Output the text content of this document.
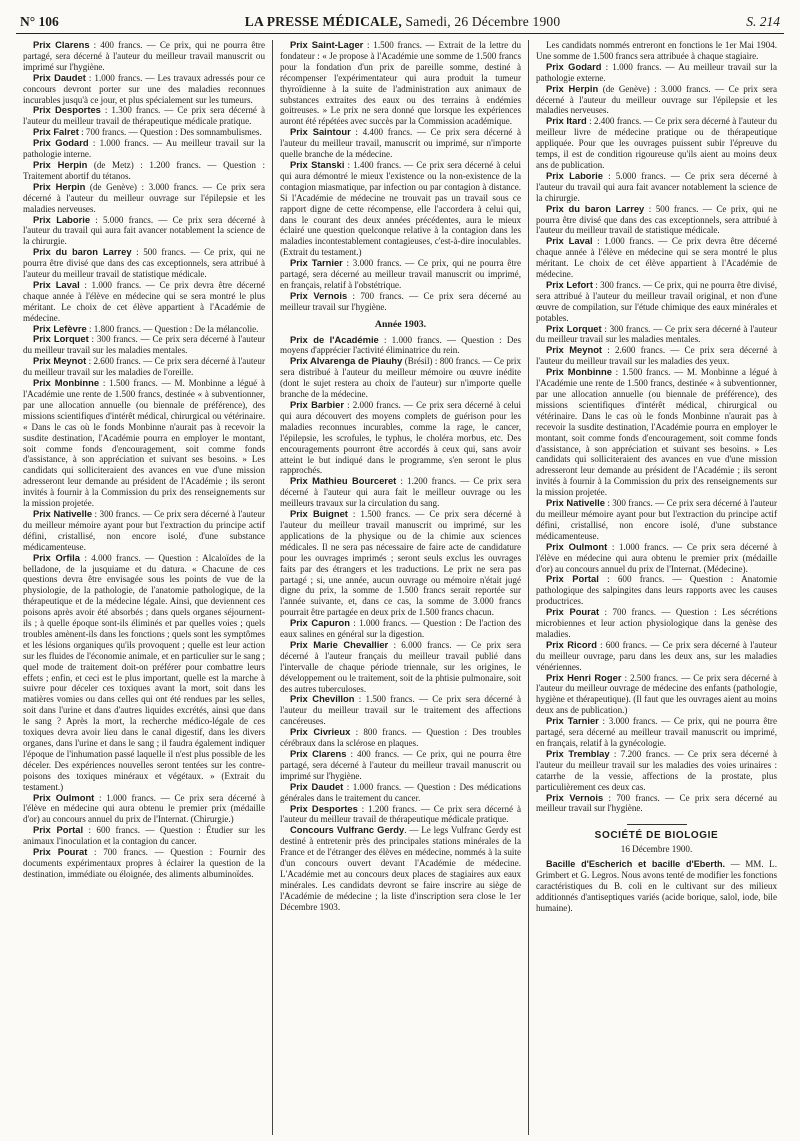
N° 106	LA PRESSE MÉDICALE, Samedi, 26 Décembre 1900	S. 214

Prix Clarens : 400 francs. — Ce prix, qui ne pourra être partagé, sera décerné à l'auteur du meilleur travail manuscrit ou imprimé sur l'hygiène.

Prix Daudet : 1.000 francs. — Les travaux adressés pour ce concours devront porter sur une des maladies reconnues incurables jusqu'à ce jour, et plus spécialement sur les tumeurs.

Prix Desportes : 1.300 francs. — Ce prix sera décerné à l'auteur du meilleur travail de thérapeutique médicale pratique.

Prix Falret : 700 francs. — Question : Des somnambulismes.

Prix Godard : 1.000 francs. — Au meilleur travail sur la pathologie interne.

Prix Herpin (de Metz) : 1.200 francs. — Question : Traitement abortif du tétanos.

Prix Herpin (de Genève) : 3.000 francs. — Ce prix sera décerné à l'auteur du meilleur ouvrage sur l'épilepsie et les maladies nerveuses.

Prix Laborie : 5.000 francs. — Ce prix sera décerné à l'auteur du travail qui aura fait avancer notablement la science de la chirurgie.

Prix du baron Larrey : 500 francs. — Ce prix, qui ne pourra être divisé que dans des cas exceptionnels, sera attribué à l'auteur du meilleur travail de statistique médicale.

Prix Laval : 1.000 francs. — Ce prix devra être décerné chaque année à l'élève en médecine qui se sera montré le plus méritant. Le choix de cet élève appartient à l'Académie de médecine.

Prix Lefèvre : 1.800 francs. — Question : De la mélancolie.

Prix Lorquet : 300 francs. — Ce prix sera décerné à l'auteur du meilleur travail sur les maladies mentales.

Prix Meynot : 2.600 francs. — Ce prix sera décerné à l'auteur du meilleur travail sur les maladies de l'oreille.

Prix Monbinne : 1.500 francs. — M. Monbinne a légué à l'Académie une rente de 1.500 francs, destinée « à subventionner, par une allocation annuelle (ou biennale de préférence), des missions scientifiques d'intérêt médical, chirurgical ou vétérinaire. « Dans le cas où le fonds Monbinne n'aurait pas à recevoir la susdite destination, l'Académie pourra en employer le montant, soit comme fonds d'encouragement, soit comme fonds d'assistance, à son appréciation et suivant ses besoins. » Les candidats qui solliciteraient des avances en vue d'une mission adresseront leur demande au président de l'Académie ; ils seront invités à fournir à la Commission du prix des renseignements sur la mission projetée.

Prix Nativelle : 300 francs. — Ce prix sera décerné à l'auteur du meilleur mémoire ayant pour but l'extraction du principe actif défini, cristallisé, non encore isolé, d'une substance médicamenteuse.

Prix Orfila : 4.000 francs. — Question : Alcaloïdes de la belladone, de la jusquiame et du datura. « Chacune de ces questions devra être envisagée sous les points de vue de la physiologie, de la pathologie, de l'anatomie pathologique, de la thérapeutique et de la médecine légale. Ainsi, que deviennent ces poisons après avoir été absorbés ; dans quels organes séjournent-ils ; à quelle époque sont-ils éliminés et par quelles voies ; quels troubles amènent-ils dans les fonctions ; quels sont les symptômes et les lésions organiques qu'ils provoquent ; quelle est leur action sur les fluides de l'économie animale, et en particulier sur le sang ; quel mode de traitement doit-on préférer pour combattre leurs effets ; enfin, et ceci est le plus important, quelle est la marche à suivre pour déceler ces toxiques avant la mort, soit dans les matières vomies ou dans celles qui ont été rendues par les selles, soit dans l'urine et dans d'autres liquides excrétés, ainsi que dans le sang ? Après la mort, la recherche médico-légale de ces toxiques devra avoir lieu dans le canal digestif, dans les divers organes, dans l'urine et dans le sang ; il faudra également indiquer l'époque de l'inhumation passé laquelle il n'est plus possible de les déceler. Des expériences nouvelles seront tentées sur les contre-poisons des toxiques minéraux et végétaux. » (Extrait du testament.)

Prix Oulmont : 1.000 francs. — Ce prix sera décerné à l'élève en médecine qui aura obtenu le premier prix (médaille d'or) au concours annuel du prix de l'Internat. (Chirurgie.)

Prix Portal : 600 francs. — Question : Étudier sur les animaux l'inoculation et la contagion du cancer.

Prix Pourat : 700 francs. — Question : Fournir des documents expérimentaux propres à éclairer la question de la destination, immédiate ou éloignée, des aliments albuminoïdes.

Prix Saint-Lager : 1.500 francs. — Extrait de la lettre du fondateur : « Je propose à l'Académie une somme de 1.500 francs pour la fondation d'un prix de pareille somme, destiné à récompenser l'expérimentateur qui aura produit la tumeur thyroïdienne à la suite de l'administration aux animaux de substances extraites des eaux ou des terrains à endémies goitreuses. » Le prix ne sera donné que lorsque les expériences auront été répétées avec succès par la Commission académique.

Prix Saintour : 4.400 francs. — Ce prix sera décerné à l'auteur du meilleur travail, manuscrit ou imprimé, sur n'importe quelle branche de la médecine.

Prix Stanski : 1.400 francs. — Ce prix sera décerné à celui qui aura démontré le mieux l'existence ou la non-existence de la contagion miasmatique, par infection ou par contagion à distance. Si l'Académie de médecine ne trouvait pas un travail sous ce rapport digne de cette récompense, elle l'accordera à celui qui, dans le courant des deux années précédentes, aura le mieux éclairé une question quelconque relative à la contagion dans les maladies incontestablement contagieuses, c'est-à-dire inoculables. (Extrait du testament.)

Prix Tarnier : 3.000 francs. — Ce prix, qui ne pourra être partagé, sera décerné au meilleur travail manuscrit ou imprimé, en français, relatif à l'obstétrique.

Prix Vernois : 700 francs. — Ce prix sera décerné au meilleur travail sur l'hygiène.

Année 1903.

Prix de l'Académie : 1.000 francs. — Question : Des moyens d'apprécier l'activité éliminatrice du rein.

Prix Alvarenga de Piauhy (Brésil) : 800 francs. — Ce prix sera distribué à l'auteur du meilleur mémoire ou œuvre inédite (dont le sujet restera au choix de l'auteur) sur n'importe quelle branche de la médecine.

Prix Barbier : 2.000 francs. — Ce prix sera décerné à celui qui aura découvert des moyens complets de guérison pour les maladies reconnues incurables, comme la rage, le cancer, l'épilepsie, les scrofules, le typhus, le choléra morbus, etc. Des encouragements pourront être accordés à ceux qui, sans avoir atteint le but indiqué dans le programme, s'en seront le plus rapprochés.

Prix Mathieu Bourceret : 1.200 francs. — Ce prix sera décerné à l'auteur qui aura fait le meilleur ouvrage ou les meilleurs travaux sur la circulation du sang.

Prix Buignet : 1.500 francs. — Ce prix sera décerné à l'auteur du meilleur travail manuscrit ou imprimé, sur les applications de la physique ou de la chimie aux sciences médicales. Il ne sera pas nécessaire de faire acte de candidature pour les ouvrages imprimés ; seront seuls exclus les ouvrages faits par des étrangers et les traductions. Le prix ne sera pas partagé ; si, une année, aucun ouvrage ou mémoire n'était jugé digne du prix, la somme de 1.500 francs serait reportée sur l'année suivante, et, dans ce cas, la somme de 3.000 francs pourrait être partagée en deux prix de 1.500 francs chacun.

Prix Capuron : 1.000 francs. — Question : De l'action des eaux salines en général sur la digestion.

Prix Marie Chevallier : 6.000 francs. — Ce prix sera décerné à l'auteur français du meilleur travail publié dans l'intervalle de chaque période triennale, sur les origines, le développement ou le traitement, soit de la phtisie pulmonaire, soit des autres tuberculoses.

Prix Chevillon : 1.500 francs. — Ce prix sera décerné à l'auteur du meilleur travail sur le traitement des affections cancéreuses.

Prix Civrieux : 800 francs. — Question : Des troubles cérébraux dans la sclérose en plaques.

Prix Clarens : 400 francs. — Ce prix, qui ne pourra être partagé, sera décerné à l'auteur du meilleur travail manuscrit ou imprimé sur l'hygiène.

Prix Daudet : 1.000 francs. — Question : Des médications générales dans le traitement du cancer.

Prix Desportes : 1.200 francs. — Ce prix sera décerné à l'auteur du meilleur travail de thérapeutique médicale pratique.

Concours Vulfranc Gerdy. — Le legs Vulfranc Gerdy est destiné à entretenir près des principales stations minérales de la France et de l'étranger des élèves en médecine, nommés à la suite d'un concours ouvert devant l'Académie de médecine. L'Académie met au concours deux places de stagiaires aux eaux minérales. Les candidats devront se faire inscrire au siège de l'Académie de médecine ; la liste d'inscription sera close le 1er Décembre 1903.

Les candidats nommés entreront en fonctions le 1er Mai 1904. Une somme de 1.500 francs sera attribuée à chaque stagiaire.

Prix Godard : 1.000 francs. — Au meilleur travail sur la pathologie externe.

Prix Herpin (de Genève) : 3.000 francs. — Ce prix sera décerné à l'auteur du meilleur ouvrage sur l'épilepsie et les maladies nerveuses.

Prix Itard : 2.400 francs. — Ce prix sera décerné à l'auteur du meilleur livre de médecine pratique ou de thérapeutique appliquée. Pour que les ouvrages puissent subir l'épreuve du temps, il est de condition rigoureuse qu'ils aient au moins deux ans de publication.

Prix Laborie : 5.000 francs. — Ce prix sera décerné à l'auteur du travail qui aura fait avancer notablement la science de la chirurgie.

Prix du baron Larrey : 500 francs. — Ce prix, qui ne pourra être divisé que dans des cas exceptionnels, sera attribué à l'auteur du meilleur travail de statistique médicale.

Prix Laval : 1.000 francs. — Ce prix devra être décerné chaque année à l'élève en médecine qui se sera montré le plus méritant. Le choix de cet élève appartient à l'Académie de médecine.

Prix Lefort : 300 francs. — Ce prix, qui ne pourra être divisé, sera attribué à l'auteur du meilleur travail original, et non d'une œuvre de compilation, sur l'étude chimique des eaux minérales et potables.

Prix Lorquet : 300 francs. — Ce prix sera décerné à l'auteur du meilleur travail sur les maladies mentales.

Prix Meynot : 2.600 francs. — Ce prix sera décerné à l'auteur du meilleur travail sur les maladies des yeux.

Prix Monbinne : 1.500 francs. — M. Monbinne a légué à l'Académie une rente de 1.500 francs, destinée « à subventionner, par une allocation annuelle (ou biennale de préférence), des missions scientifiques d'intérêt médical, chirurgical ou vétérinaire. Dans le cas où le fonds Monbinne n'aurait pas à recevoir la susdite destination, l'Académie pourra en employer le montant, soit comme fonds d'encouragement, soit comme fonds d'assistance, à son appréciation et suivant ses besoins. » Les candidats qui solliciteraient des avances en vue d'une mission adresseront leur demande au président de l'Académie ; ils seront invités à fournir à la Commission du prix des renseignements sur la mission projetée.

Prix Nativelle : 300 francs. — Ce prix sera décerné à l'auteur du meilleur mémoire ayant pour but l'extraction du principe actif défini, cristallisé, non encore isolé, d'une substance médicamenteuse.

Prix Oulmont : 1.000 francs. — Ce prix sera décerné à l'élève en médecine qui aura obtenu le premier prix (médaille d'or) au concours annuel du prix de l'Internat. (Médecine).

Prix Portal : 600 francs. — Question : Anatomie pathologique des salpingites dans leurs rapports avec les causes productrices.

Prix Pourat : 700 francs. — Question : Les sécrétions microbiennes et leur action physiologique dans la genèse des maladies.

Prix Ricord : 600 francs. — Ce prix sera décerné à l'auteur du meilleur ouvrage, paru dans les deux ans, sur les maladies vénériennes.

Prix Henri Roger : 2.500 francs. — Ce prix sera décerné à l'auteur du meilleur ouvrage de médecine des enfants (pathologie, hygiène et thérapeutique). (Il faut que les ouvrages aient au moins deux ans de publication.)

Prix Tarnier : 3.000 francs. — Ce prix, qui ne pourra être partagé, sera décerné au meilleur travail manuscrit ou imprimé, en français, relatif à la gynécologie.

Prix Tremblay : 7.200 francs. — Ce prix sera décerné à l'auteur du meilleur travail sur les maladies des voies urinaires : catarrhe de la vessie, affections de la prostate, plus particulièrement ces deux cas.

Prix Vernois : 700 francs. — Ce prix sera décerné au meilleur travail sur l'hygiène.

SOCIÉTÉ DE BIOLOGIE
16 Décembre 1900.

Bacille d'Escherich et bacille d'Eberth. — MM. L. Grimbert et G. Legros. Nous avons tenté de modifier les fonctions caractéristiques du B. coli en le cultivant sur des milieux additionnés d'antiseptiques variés (acide borique, salol, iode, bile humaine).
